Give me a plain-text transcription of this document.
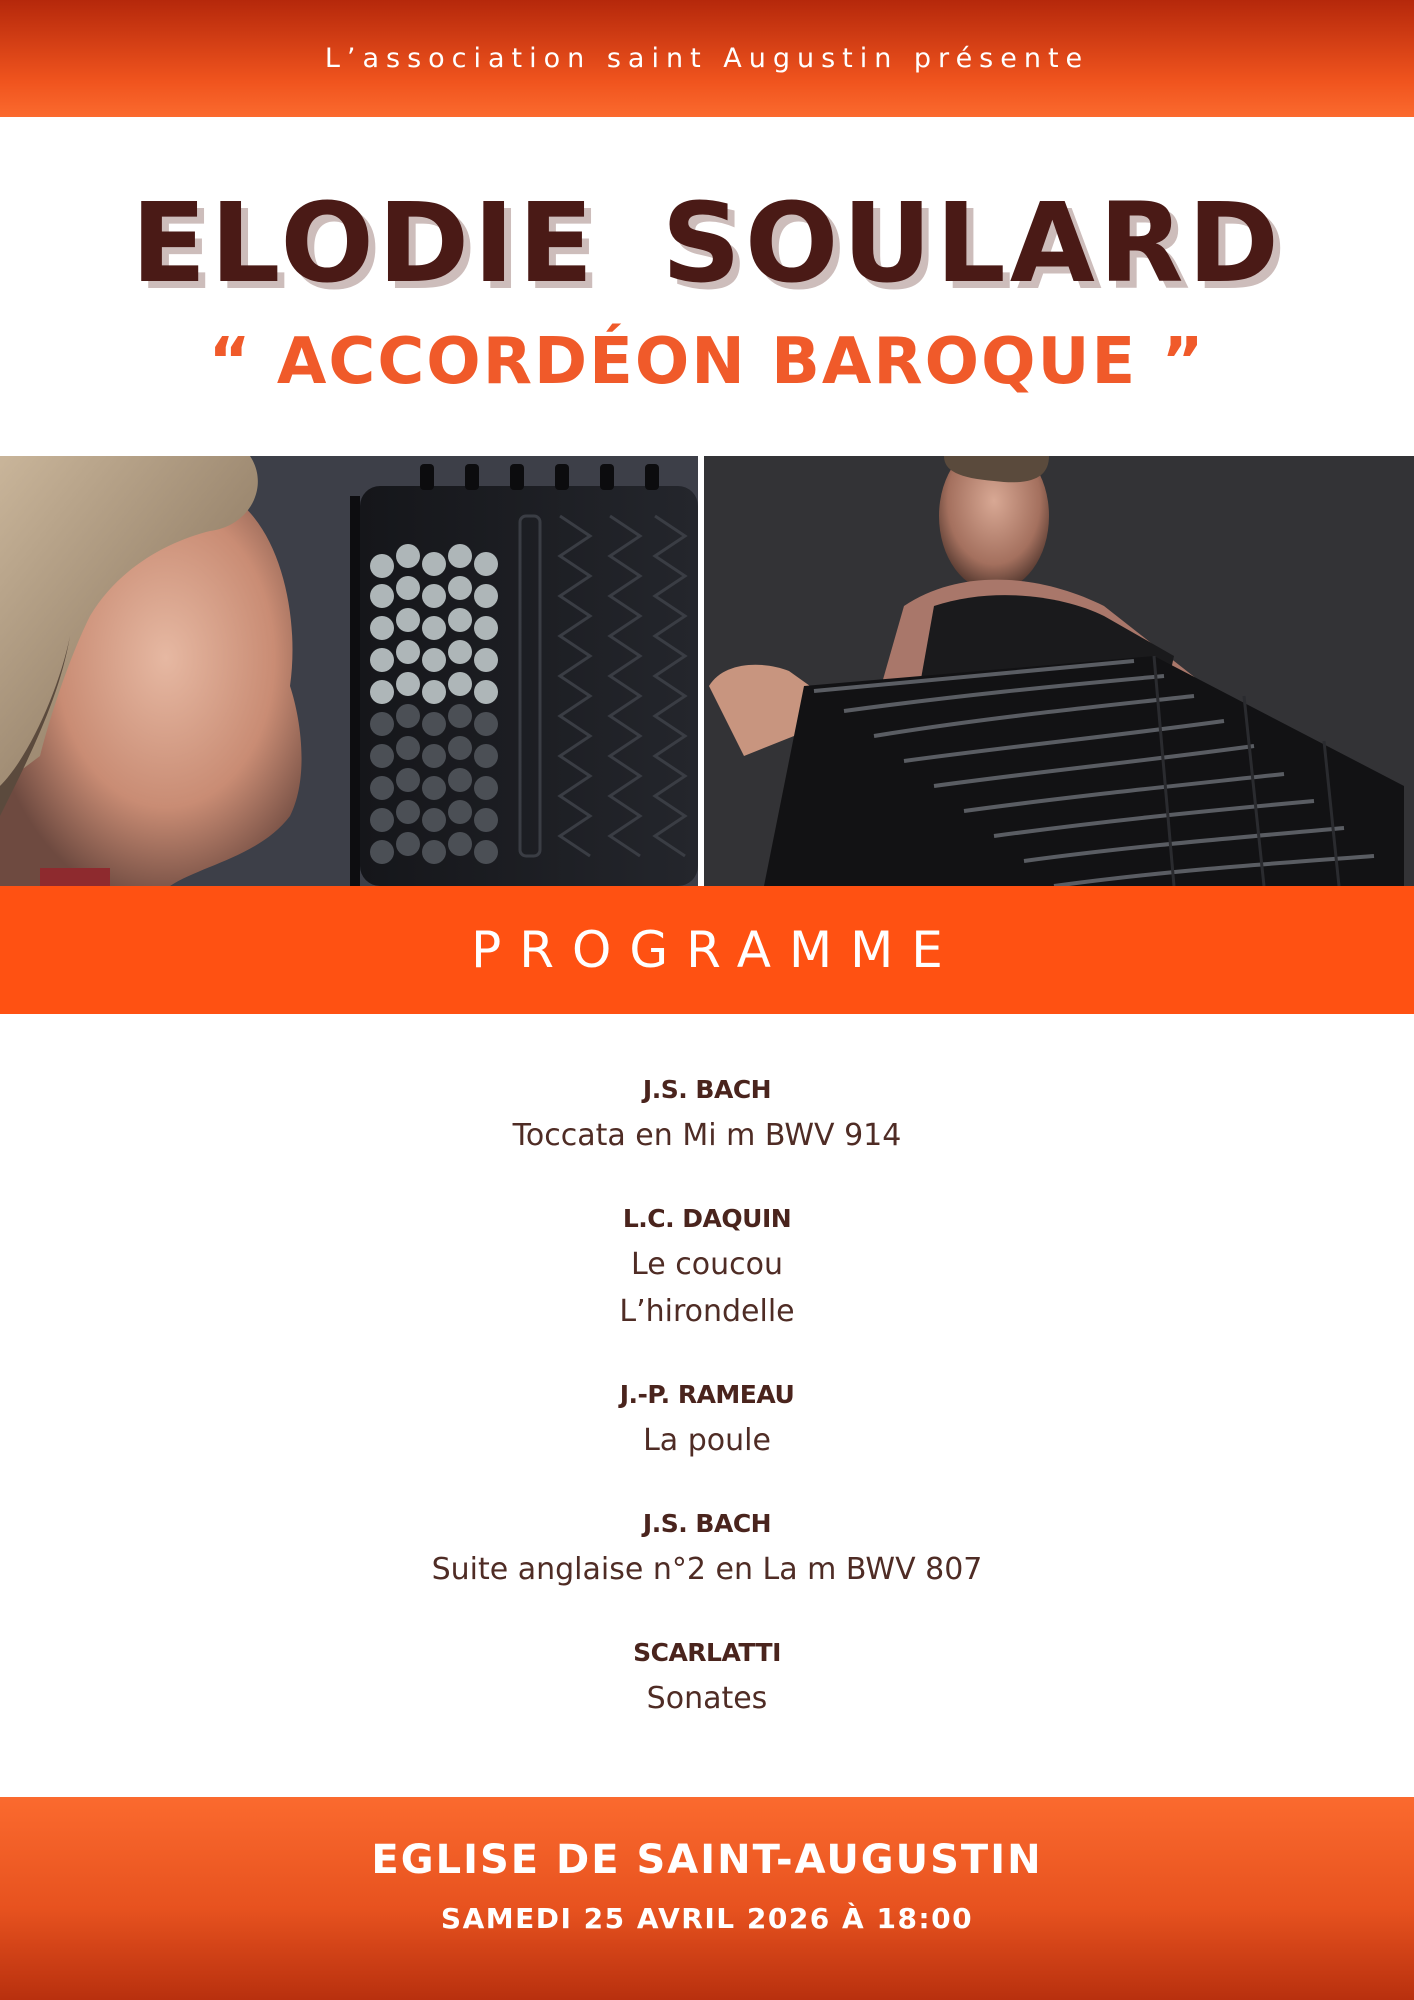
L’association saint Augustin présente
ELODIE SOULARD
“ ACCORDÉON BAROQUE ”
PROGRAMME
J.S. BACH
Toccata en Mi m BWV 914
L.C. DAQUIN
Le coucou
L’hirondelle
J.-P. RAMEAU
La poule
J.S. BACH
Suite anglaise n°2 en La m BWV 807
SCARLATTI
Sonates
EGLISE DE SAINT-AUGUSTIN
SAMEDI 25 AVRIL 2026 À 18:00
